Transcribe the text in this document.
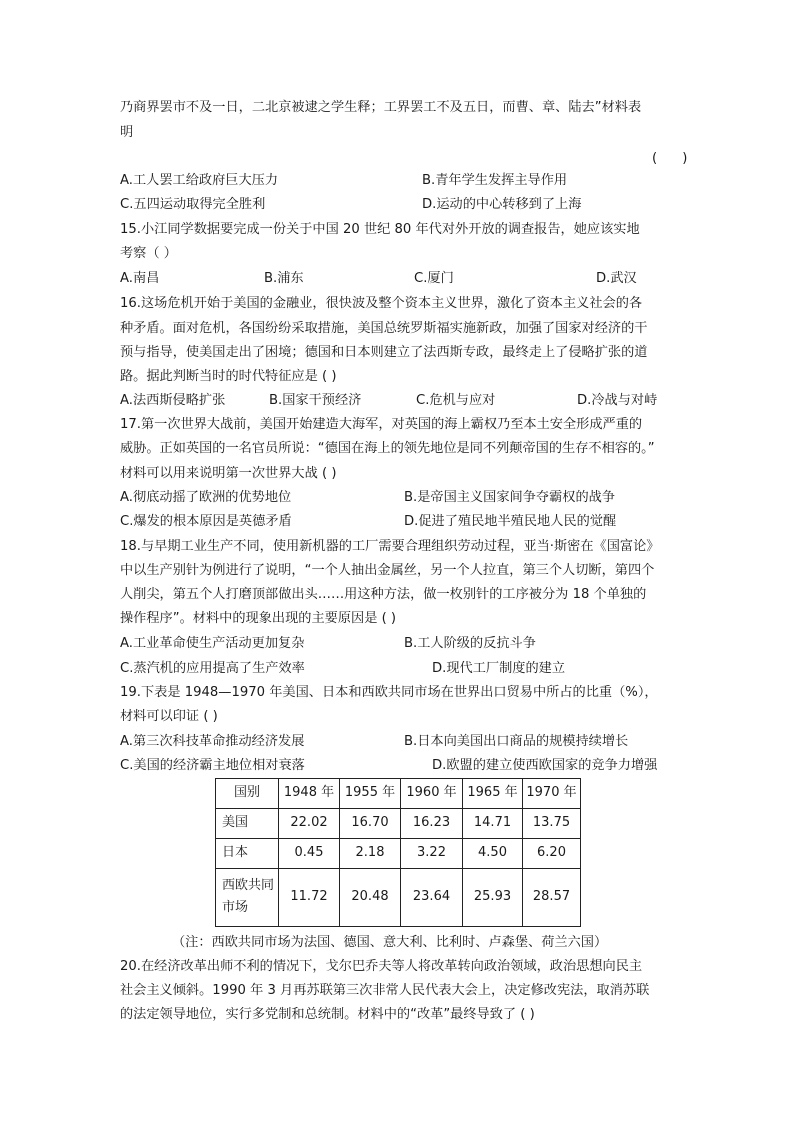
乃商界罢市不及一日，二北京被逮之学生释；工界罢工不及五日，而曹、章、陆去”材料表
明
(      )
A.工人罢工给政府巨大压力	B.青年学生发挥主导作用
C.五四运动取得完全胜利	D.运动的中心转移到了上海
15.小江同学数据要完成一份关于中国 20 世纪 80 年代对外开放的调查报告，她应该实地
考察（ ）
A.南昌	B.浦东	C.厦门	D.武汉
16.这场危机开始于美国的金融业，很快波及整个资本主义世界，激化了资本主义社会的各
种矛盾。面对危机，各国纷纷采取措施，美国总统罗斯福实施新政，加强了国家对经济的干
预与指导，使美国走出了困境；德国和日本则建立了法西斯专政，最终走上了侵略扩张的道
路。据此判断当时的时代特征应是 ( )
A.法西斯侵略扩张	B.国家干预经济	C.危机与应对	D.冷战与对峙
17.第一次世界大战前，美国开始建造大海军，对英国的海上霸权乃至本土安全形成严重的
威胁。正如英国的一名官员所说：“德国在海上的领先地位是同不列颠帝国的生存不相容的。”
材料可以用来说明第一次世界大战 ( )
A.彻底动摇了欧洲的优势地位	B.是帝国主义国家间争夺霸权的战争
C.爆发的根本原因是英德矛盾	D.促进了殖民地半殖民地人民的觉醒
18.与早期工业生产不同，使用新机器的工厂需要合理组织劳动过程，亚当·斯密在《国富论》
中以生产别针为例进行了说明，“一个人抽出金属丝，另一个人拉直，第三个人切断，第四个
人削尖，第五个人打磨顶部做出头……用这种方法，做一枚别针的工序被分为 18 个单独的
操作程序”。材料中的现象出现的主要原因是 ( )
A.工业革命使生产活动更加复杂	B.工人阶级的反抗斗争
C.蒸汽机的应用提高了生产效率	D.现代工厂制度的建立
19.下表是 1948—1970 年美国、日本和西欧共同市场在世界出口贸易中所占的比重（%），
材料可以印证 ( )
A.第三次科技革命推动经济发展	B.日本向美国出口商品的规模持续增长
C.美国的经济霸主地位相对衰落	D.欧盟的建立使西欧国家的竞争力增强
国别	1948 年	1955 年	1960 年	1965 年	1970 年
美国	22.02	16.70	16.23	14.71	13.75
日本	0.45	2.18	3.22	4.50	6.20
西欧共同市场	11.72	20.48	23.64	25.93	28.57
（注：西欧共同市场为法国、德国、意大利、比利时、卢森堡、荷兰六国）
20.在经济改革出师不利的情况下，戈尔巴乔夫等人将改革转向政治领域，政治思想向民主
社会主义倾斜。1990 年 3 月再苏联第三次非常人民代表大会上，决定修改宪法，取消苏联
的法定领导地位，实行多党制和总统制。材料中的“改革”最终导致了 ( )
